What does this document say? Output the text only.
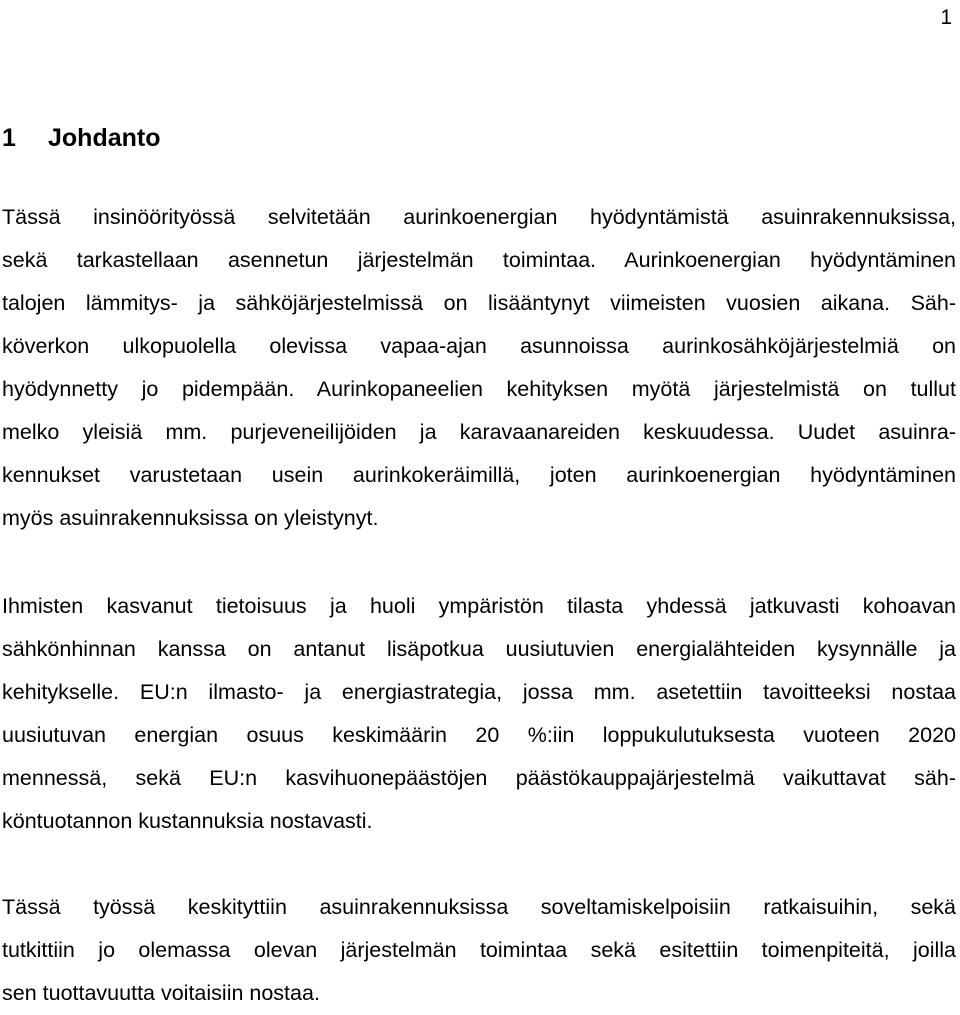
1
1 Johdanto
Tässä insinöörityössä selvitetään aurinkoenergian hyödyntämistä asuinrakennuksissa,
sekä tarkastellaan asennetun järjestelmän toimintaa. Aurinkoenergian hyödyntäminen
talojen lämmitys- ja sähköjärjestelmissä on lisääntynyt viimeisten vuosien aikana. Säh-
köverkon ulkopuolella olevissa vapaa-ajan asunnoissa aurinkosähköjärjestelmiä on
hyödynnetty jo pidempään. Aurinkopaneelien kehityksen myötä järjestelmistä on tullut
melko yleisiä mm. purjeveneilijöiden ja karavaanareiden keskuudessa. Uudet asuinra-
kennukset varustetaan usein aurinkokeräimillä, joten aurinkoenergian hyödyntäminen
myös asuinrakennuksissa on yleistynyt.
Ihmisten kasvanut tietoisuus ja huoli ympäristön tilasta yhdessä jatkuvasti kohoavan
sähkönhinnan kanssa on antanut lisäpotkua uusiutuvien energialähteiden kysynnälle ja
kehitykselle. EU:n ilmasto- ja energiastrategia, jossa mm. asetettiin tavoitteeksi nostaa
uusiutuvan energian osuus keskimäärin 20 %:iin loppukulutuksesta vuoteen 2020
mennessä, sekä EU:n kasvihuonepäästöjen päästökauppajärjestelmä vaikuttavat säh-
köntuotannon kustannuksia nostavasti.
Tässä työssä keskityttiin asuinrakennuksissa soveltamiskelpoisiin ratkaisuihin, sekä
tutkittiin jo olemassa olevan järjestelmän toimintaa sekä esitettiin toimenpiteitä, joilla
sen tuottavuutta voitaisiin nostaa.
